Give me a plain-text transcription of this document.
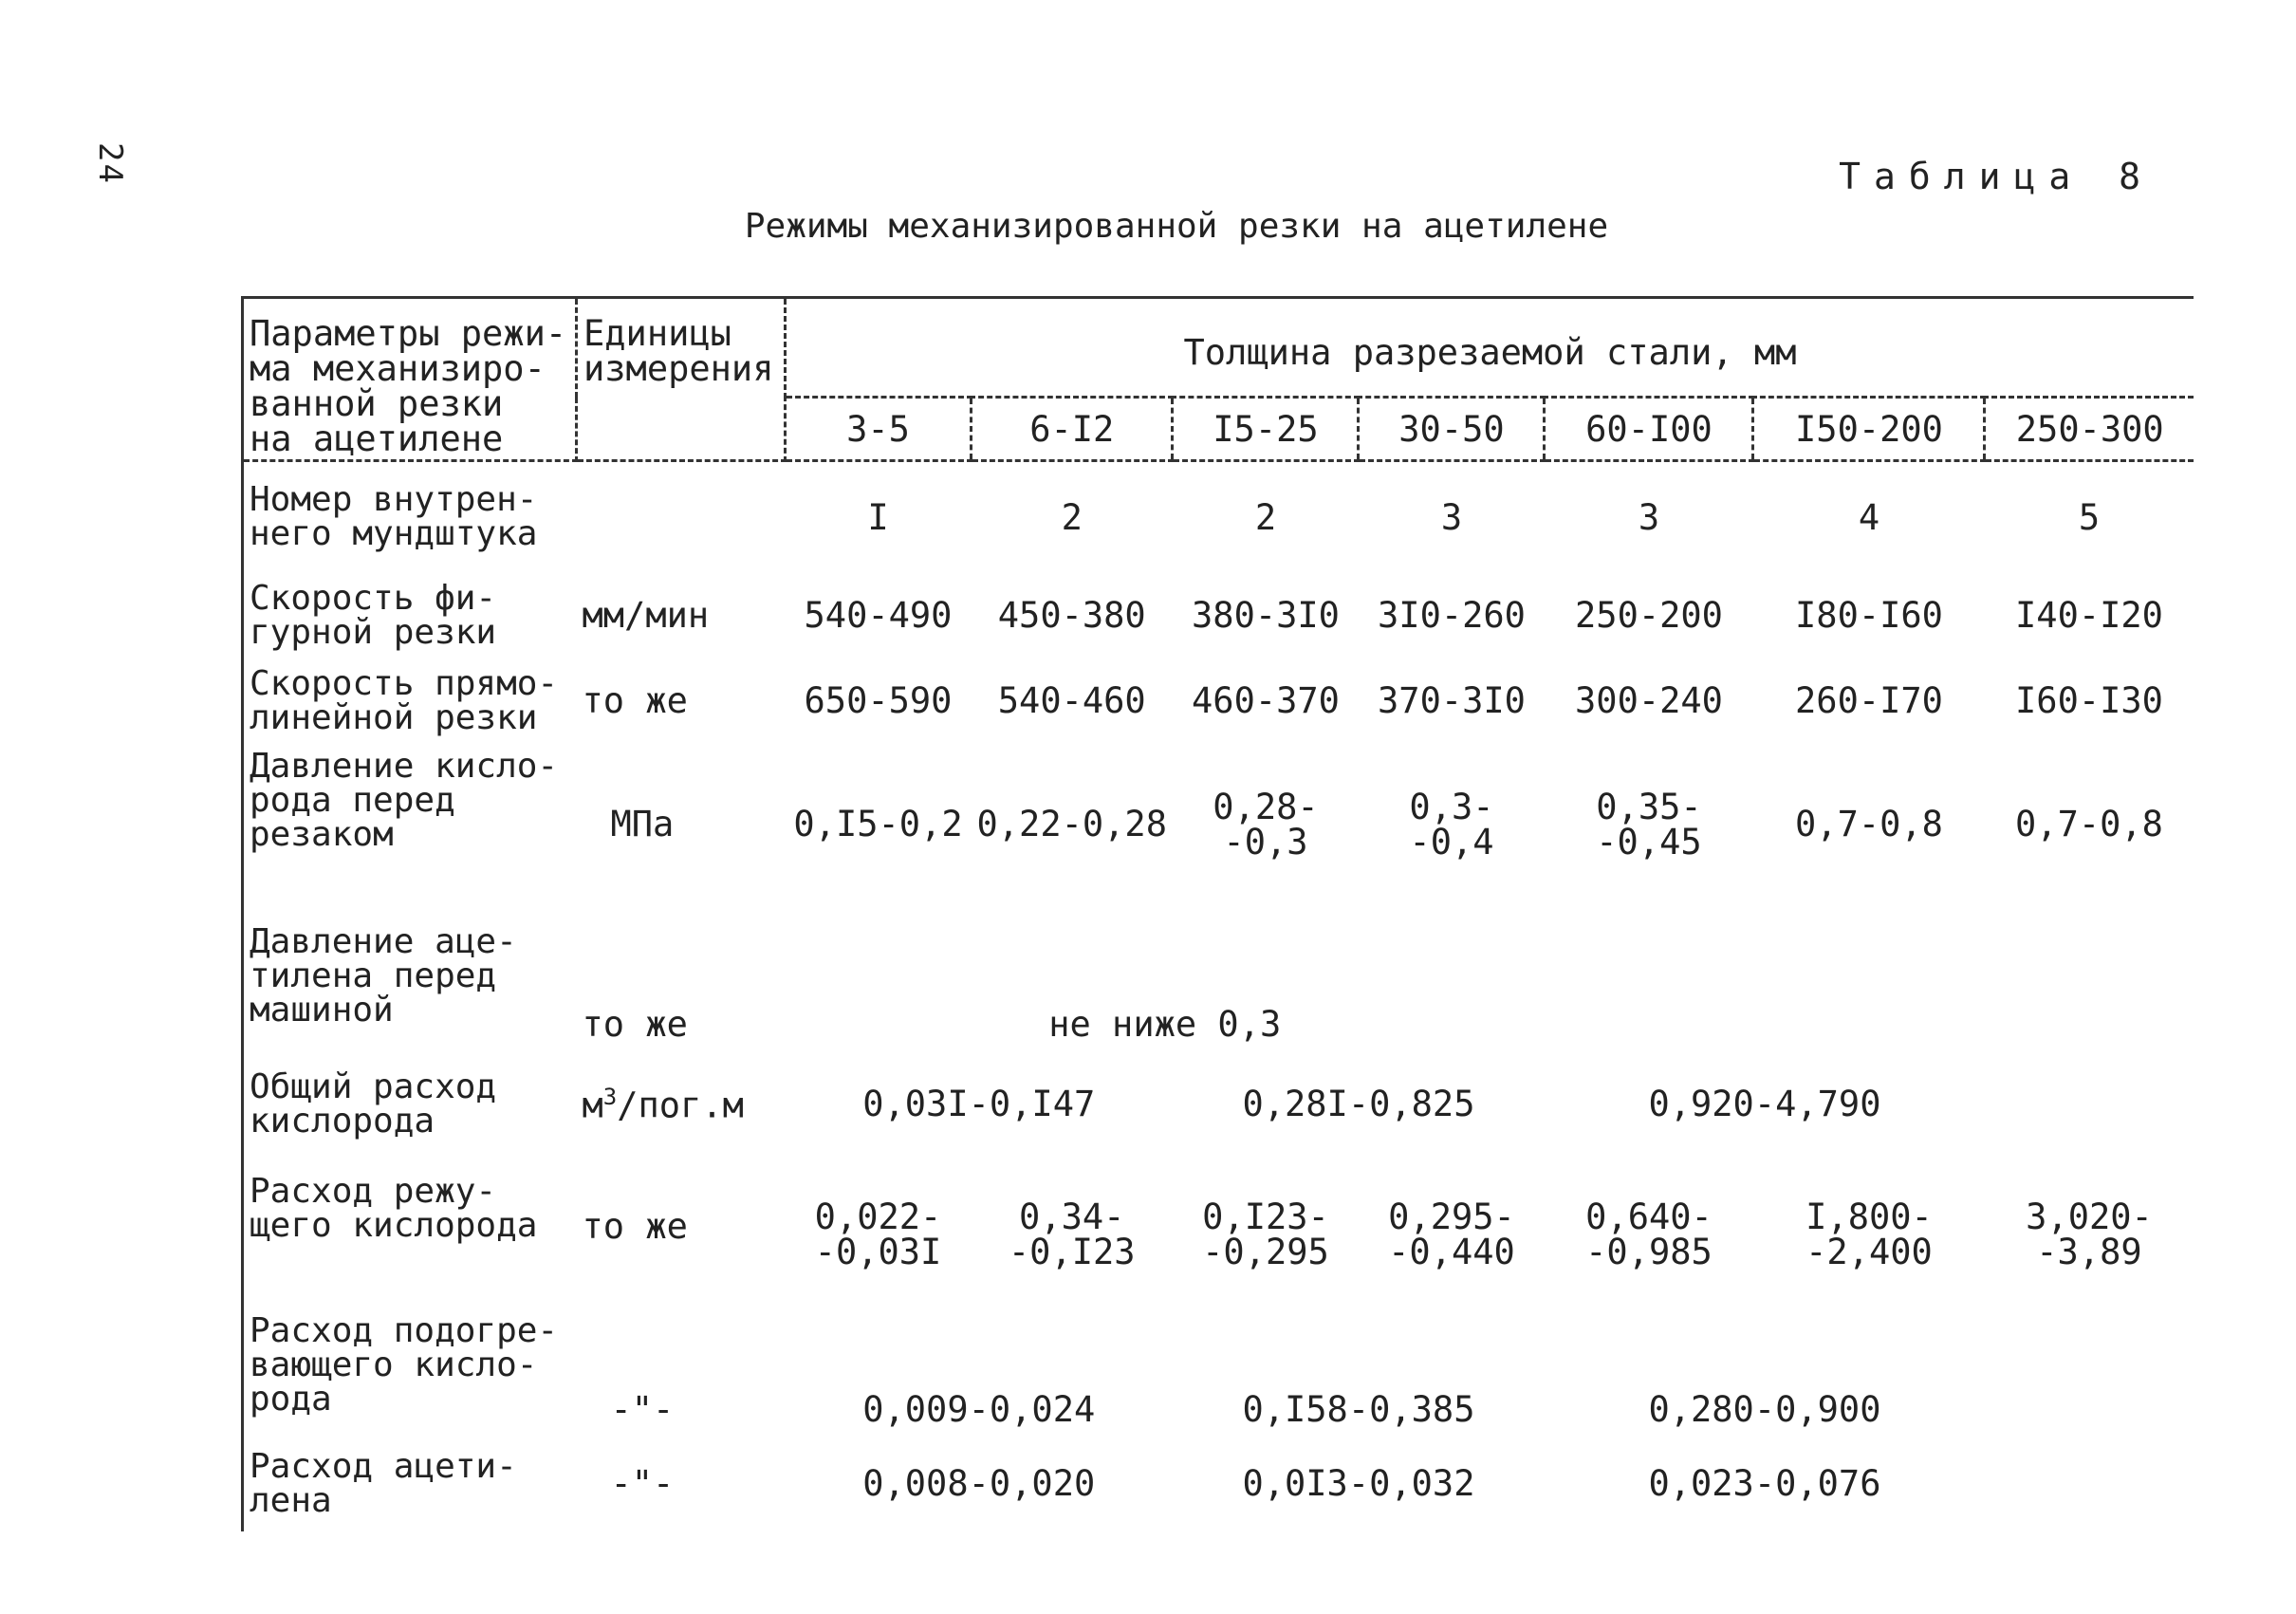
24	Таблица 8
Режимы механизированной резки на ацетилене
Параметры режи-
ма механизиро-
ванной резки
на ацетилене	Единицы
измерения	Толщина разрезаемой стали, мм						
		3-5	6-I2	I5-25	30-50	60-I00	I50-200	250-300

Номер внутрен-
него мундштука		I	2	2	3	3	4	5

Скорость фи-
гурной резки	мм/мин	540-490	450-380	380-3I0	3I0-260	250-200	I80-I60	I40-I20

Скорость прямо-
линейной резки	то же	650-590	540-460	460-370	370-3I0	300-240	260-I70	I60-I30

Давление кисло-
рода перед
резаком	МПа	0,I5-0,2	0,22-0,28	0,28-
-0,3	0,3-
-0,4	0,35-
-0,45	0,7-0,8	0,7-0,8

Давление аце-
тилена перед
машиной	то же	не ниже 0,3						

Общий расход
кислорода	$м^3/пог.м$	0,03I-0,I47		0,28I-0,825		0,920-4,790		

Расход режу-
щего кислорода	то же	0,022-
-0,03I	0,34-
-0,I23	0,I23-
-0,295	0,295-
-0,440	0,640-
-0,985	I,800-
-2,400	3,020-
-3,89

Расход подогре-
вающего кисло-
рода	-"-	0,009-0,024		0,I58-0,385		0,280-0,900		

Расход ацети-
лена	-"-	0,008-0,020		0,0I3-0,032		0,023-0,076		
